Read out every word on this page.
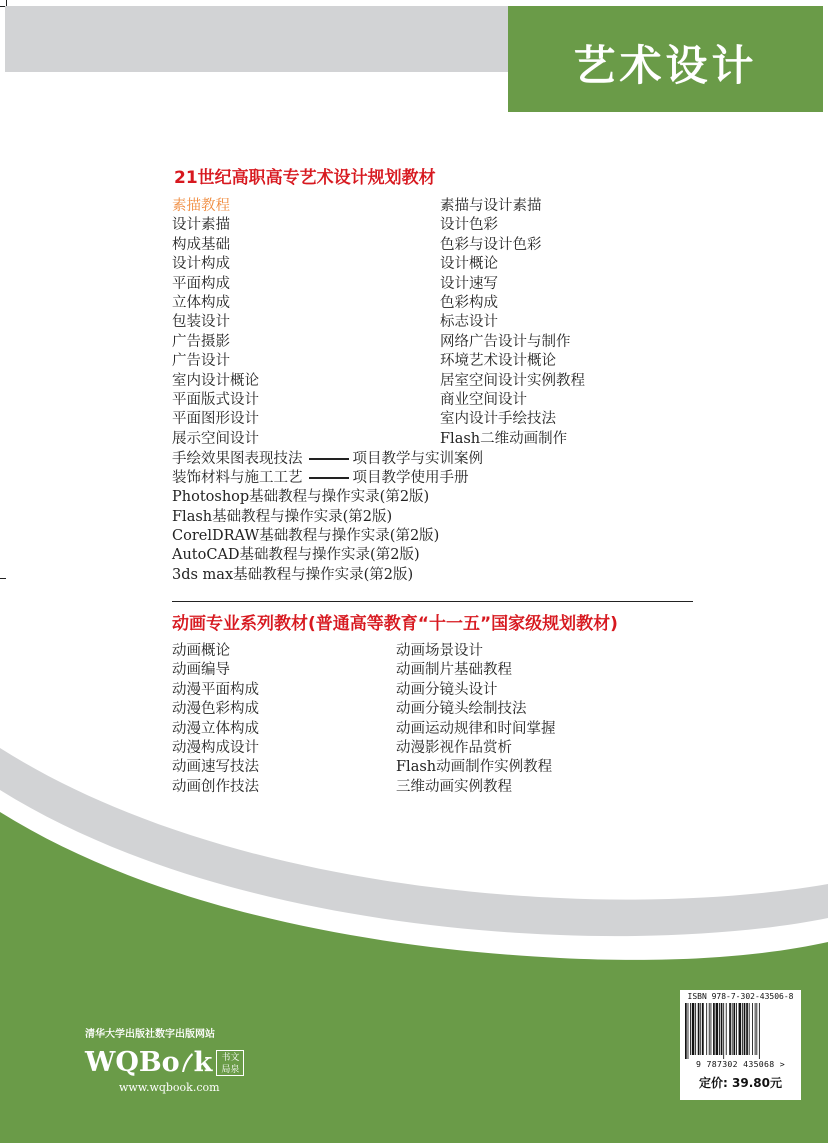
艺术设计
21世纪高职高专艺术设计规划教材
素描教程
设计素描
构成基础
设计构成
平面构成
立体构成
包装设计
广告摄影
广告设计
室内设计概论
平面版式设计
平面图形设计
展示空间设计
素描与设计素描
设计色彩
色彩与设计色彩
设计概论
设计速写
色彩构成
标志设计
网络广告设计与制作
环境艺术设计概论
居室空间设计实例教程
商业空间设计
室内设计手绘技法
Flash二维动画制作
手绘效果图表现技法	项目教学与实训案例
装饰材料与施工工艺	项目教学使用手册
Photoshop基础教程与操作实录(第2版)
Flash基础教程与操作实录(第2版)
CorelDRAW基础教程与操作实录(第2版)
AutoCAD基础教程与操作实录(第2版)
3ds max基础教程与操作实录(第2版)
动画专业系列教材(普通高等教育“十一五”国家级规划教材)
动画概论
动画编导
动漫平面构成
动漫色彩构成
动漫立体构成
动漫构成设计
动画速写技法
动画创作技法
动画场景设计
动画制片基础教程
动画分镜头设计
动画分镜头绘制技法
动画运动规律和时间掌握
动漫影视作品赏析
Flash动画制作实例教程
三维动画实例教程
清华大学出版社数字出版网站
WQBo k 书文
局泉
www.wqbook.com
ISBN 978-7-302-43506-8
9 787302 435068 >
定价: 39.80元
